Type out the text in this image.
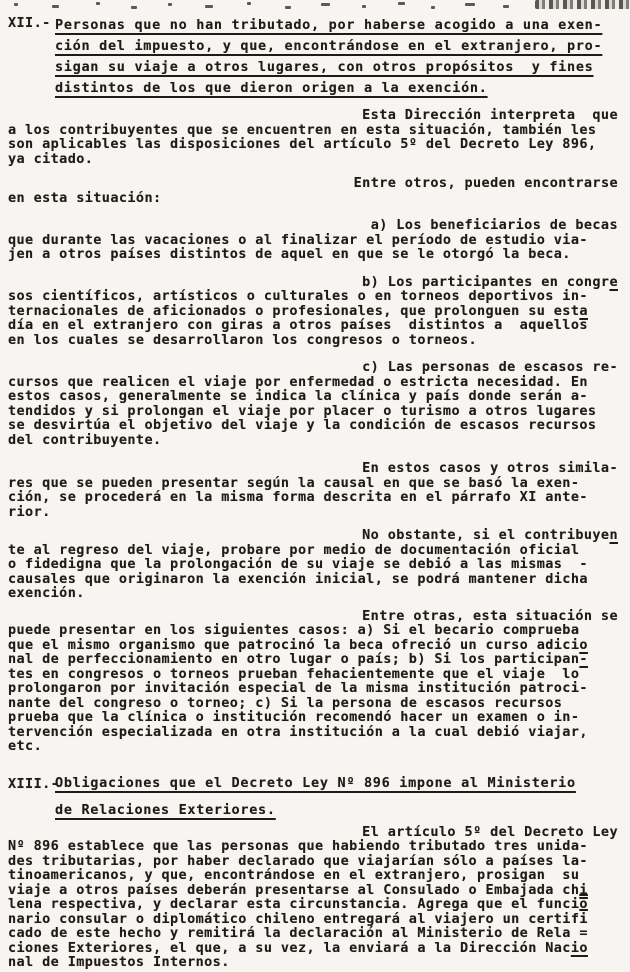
XII.- Personas que no han tributado, por haberse acogido a una exen-
ción del impuesto, y que, encontrándose en el extranjero, pro-
sigan su viaje a otros lugares, con otros propósitos  y fines
distintos de los que dieron origen a la exención.
Esta Dirección interpreta  que
a los contribuyentes que se encuentren en esta situación, también les
son aplicables las disposiciones del artículo 5º del Decreto Ley 896,
ya citado.
Entre otros, pueden encontrarse
en esta situación:
a) Los beneficiarios de becas
que durante las vacaciones o al finalizar el período de estudio via-
jen a otros países distintos de aquel en que se le otorgó la beca.
b) Los participantes en congre
sos científicos, artísticos o culturales o en torneos deportivos in-
ternacionales de aficionados o profesionales, que prolonguen su esta
día en el extranjero con giras a otros países  distintos a  aquellos
en los cuales se desarrollaron los congresos o torneos.
c) Las personas de escasos re-
cursos que realicen el viaje por enfermedad o estricta necesidad. En
estos casos, generalmente se indica la clínica y país donde serán a-
tendidos y si prolongan el viaje por placer o turismo a otros lugares
se desvirtúa el objetivo del viaje y la condición de escasos recursos
del contribuyente.
En estos casos y otros simila-
res que se pueden presentar según la causal en que se basó la exen-
ción, se procederá en la misma forma descrita en el párrafo XI ante-
rior.
No obstante, si el contribuyen
te al regreso del viaje, probare por medio de documentación oficial
o fidedigna que la prolongación de su viaje se debió a las mismas  -
causales que originaron la exención inicial, se podrá mantener dicha
exención.
Entre otras, esta situación se
puede presentar en los siguientes casos: a) Si el becario comprueba
que el mismo organismo que patrocinó la beca ofreció un curso adicio
nal de perfeccionamiento en otro lugar o país; b) Si los participan-
tes en congresos o torneos prueban fehacientemente que el viaje  lo
prolongaron por invitación especial de la misma institución patroci-
nante del congreso o torneo; c) Si la persona de escasos recursos
prueba que la clínica o institución recomendó hacer un examen o in-
tervención especializada en otra institución a la cual debió viajar,
etc.
XIII.-
Obligaciones que el Decreto Ley Nº 896 impone al Ministerio
de Relaciones Exteriores.
El artículo 5º del Decreto Ley
Nº 896 establece que las personas que habiendo tributado tres unida-
des tributarias, por haber declarado que viajarían sólo a países la-
tinoamericanos, y que, encontrándose en el extranjero, prosigan  su
viaje a otros países deberán presentarse al Consulado o Embajada chi
lena respectiva, y declarar esta circunstancia. Agrega que el $funci\overline{o}$
nario consular o diplomático chileno entregará al viajero un $certif\overline{i}$
cado de este hecho y remitirá la declaración al Ministerio de Rela =
ciones Exteriores, el que, a su vez, la enviará a la Dirección Nacio
nal de Impuestos Internos.
